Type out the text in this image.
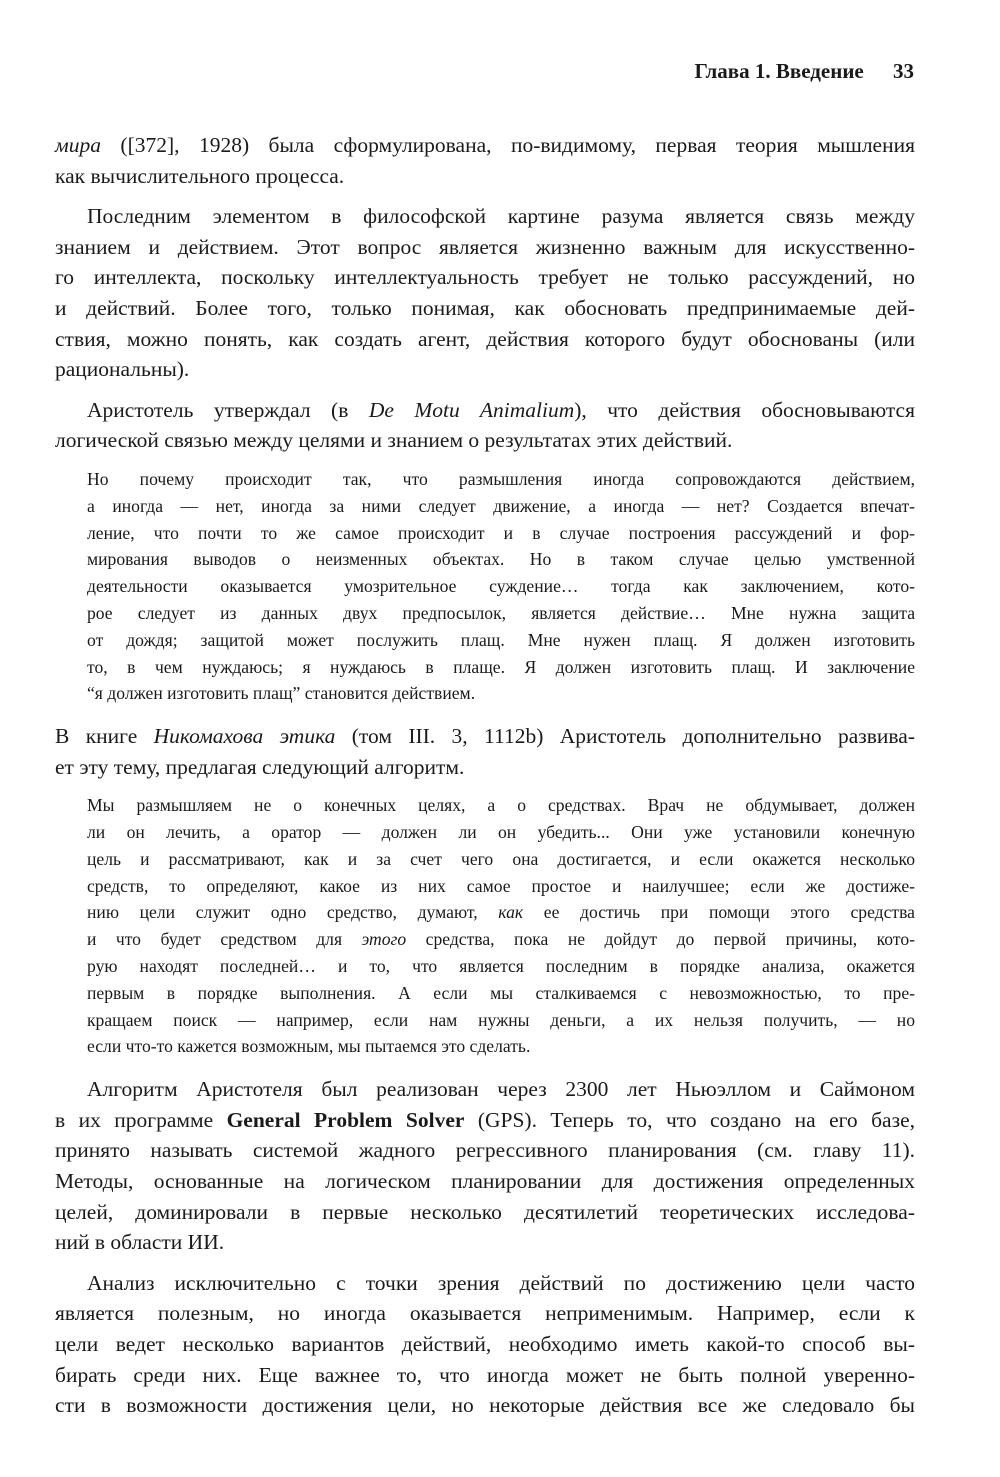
Глава 1. Введение 33
мира ([372], 1928) была сформулирована, по-видимому, первая теория мышления
как вычислительного процесса.
Последним элементом в философской картине разума является связь между
знанием и действием. Этот вопрос является жизненно важным для искусственно-
го интеллекта, поскольку интеллектуальность требует не только рассуждений, но
и действий. Более того, только понимая, как обосновать предпринимаемые дей-
ствия, можно понять, как создать агент, действия которого будут обоснованы (или
рациональны).
Аристотель утверждал (в De Motu Animalium), что действия обосновываются
логической связью между целями и знанием о результатах этих действий.
Но почему происходит так, что размышления иногда сопровождаются действием,
а иногда — нет, иногда за ними следует движение, а иногда — нет? Создается впечат-
ление, что почти то же самое происходит и в случае построения рассуждений и фор-
мирования выводов о неизменных объектах. Но в таком случае целью умственной
деятельности оказывается умозрительное суждение… тогда как заключением, кото-
рое следует из данных двух предпосылок, является действие… Мне нужна защита
от дождя; защитой может послужить плащ. Мне нужен плащ. Я должен изготовить
то, в чем нуждаюсь; я нуждаюсь в плаще. Я должен изготовить плащ. И заключение
“я должен изготовить плащ” становится действием.
В книге Никомахова этика (том III. 3, 1112b) Аристотель дополнительно развива-
ет эту тему, предлагая следующий алгоритм.
Мы размышляем не о конечных целях, а о средствах. Врач не обдумывает, должен
ли он лечить, а оратор — должен ли он убедить... Они уже установили конечную
цель и рассматривают, как и за счет чего она достигается, и если окажется несколько
средств, то определяют, какое из них самое простое и наилучшее; если же достиже-
нию цели служит одно средство, думают, как ее достичь при помощи этого средства
и что будет средством для этого средства, пока не дойдут до первой причины, кото-
рую находят последней… и то, что является последним в порядке анализа, окажется
первым в порядке выполнения. А если мы сталкиваемся с невозможностью, то пре-
кращаем поиск — например, если нам нужны деньги, а их нельзя получить, — но
если что-то кажется возможным, мы пытаемся это сделать.
Алгоритм Аристотеля был реализован через 2300 лет Ньюэллом и Саймоном
в их программе General Problem Solver (GPS). Теперь то, что создано на его базе,
принято называть системой жадного регрессивного планирования (см. главу 11).
Методы, основанные на логическом планировании для достижения определенных
целей, доминировали в первые несколько десятилетий теоретических исследова-
ний в области ИИ.
Анализ исключительно с точки зрения действий по достижению цели часто
является полезным, но иногда оказывается неприменимым. Например, если к
цели ведет несколько вариантов действий, необходимо иметь какой-то способ вы-
бирать среди них. Еще важнее то, что иногда может не быть полной уверенно-
сти в возможности достижения цели, но некоторые действия все же следовало бы
